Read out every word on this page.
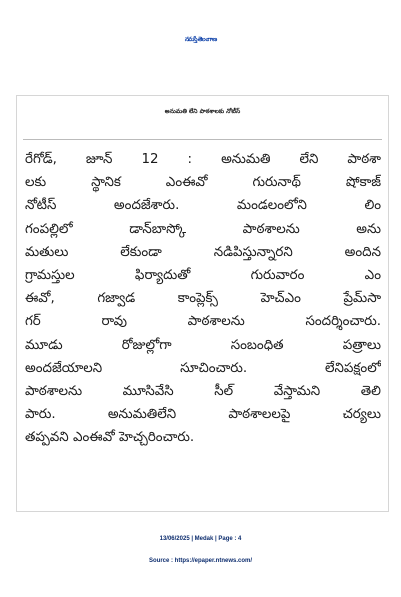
నమస్తే తెలంగాణ
అనుమతి లేని పాఠశాలకు నోటీస్
రేగోడ్, జూన్ 12 : అనుమతి లేని పాఠశా
లకు స్థానిక ఎంఈవో గురునాథ్ షోకాజ్
నోటీస్ అందజేశారు. మండలంలోని లిం
గంపల్లిలో డాన్‌బాస్కో పాఠశాలను అను
మతులు లేకుండా నడిపిస్తున్నారని అందిన
గ్రామస్తుల ఫిర్యాదుతో గురువారం ఎం
ఈవో, గజ్వాడ కాంప్లెక్స్ హెచ్‌ఎం ప్రేమ్‌సా
గర్ రావు పాఠశాలను సందర్శించారు.
మూడు రోజుల్లోగా సంబంధిత పత్రాలు
అందజేయాలని సూచించారు. లేనిపక్షంలో
పాఠశాలను మూసివేసి సీల్ వేస్తామని తెలి
పారు. అనుమతిలేని పాఠశాలలపై చర్యలు
తప్పవని ఎంఈవో హెచ్చరించారు.
13/06/2025 | Medak | Page : 4
Source : https://epaper.ntnews.com/
